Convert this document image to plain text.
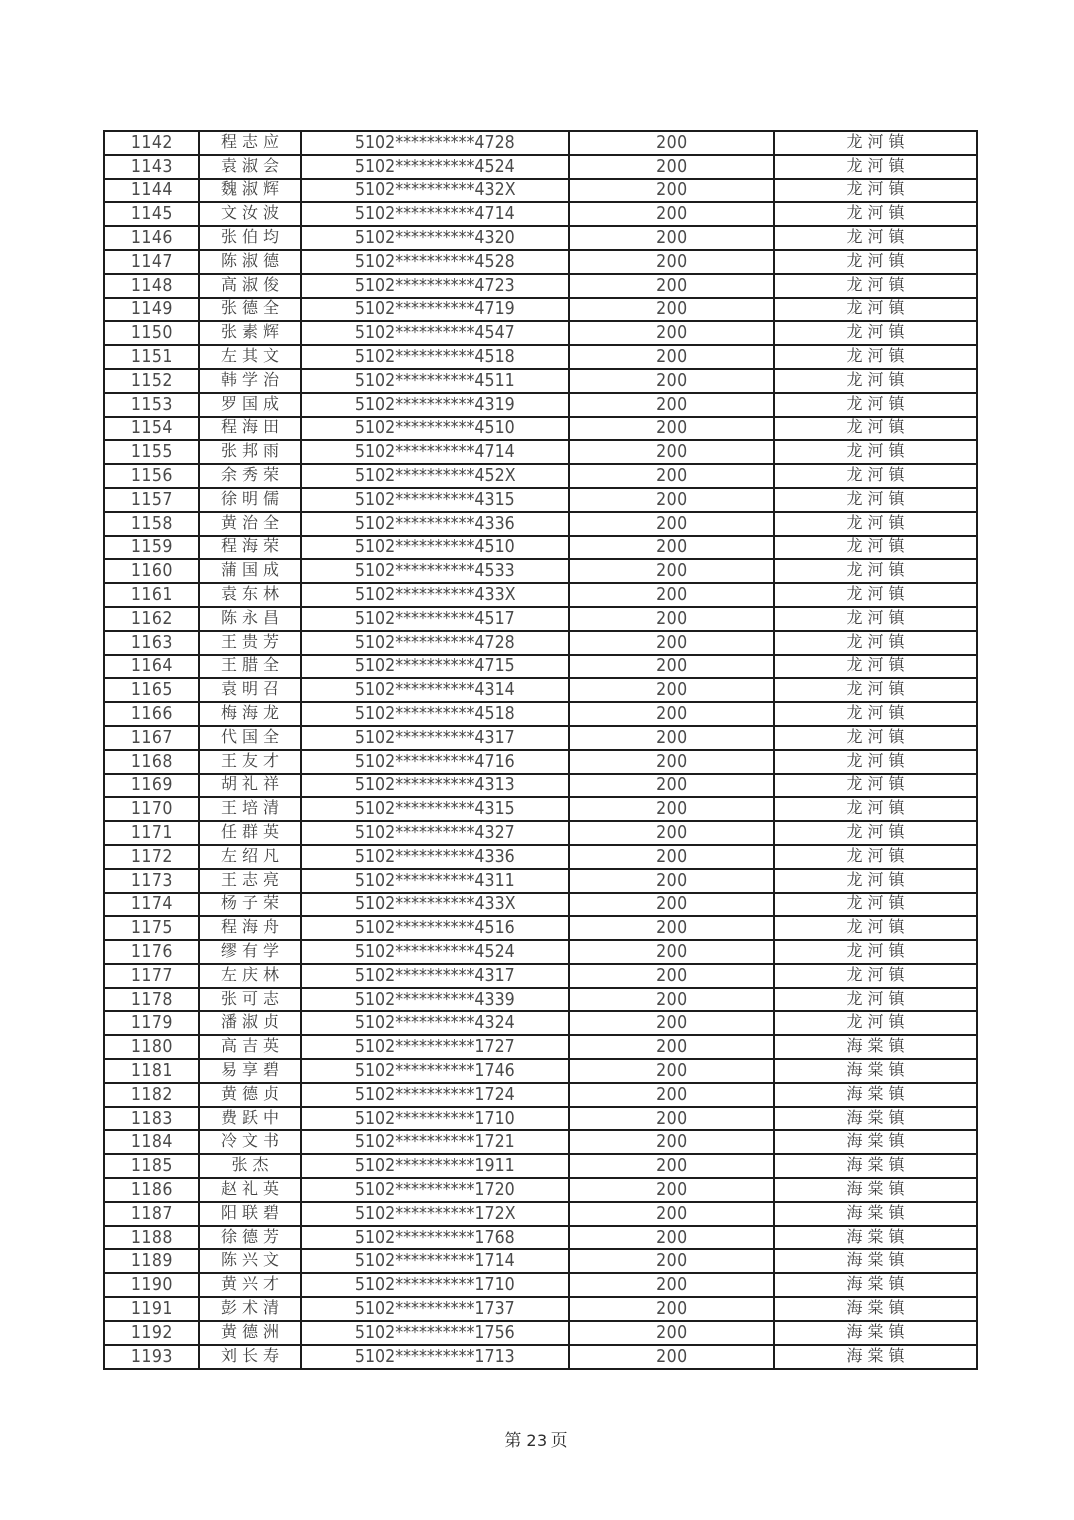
1142	程志应	5102**********4728	200	龙河镇
1143	袁淑会	5102**********4524	200	龙河镇
1144	魏淑辉	5102**********432X	200	龙河镇
1145	文汝波	5102**********4714	200	龙河镇
1146	张伯均	5102**********4320	200	龙河镇
1147	陈淑德	5102**********4528	200	龙河镇
1148	高淑俊	5102**********4723	200	龙河镇
1149	张德全	5102**********4719	200	龙河镇
1150	张素辉	5102**********4547	200	龙河镇
1151	左其文	5102**********4518	200	龙河镇
1152	韩学治	5102**********4511	200	龙河镇
1153	罗国成	5102**********4319	200	龙河镇
1154	程海田	5102**********4510	200	龙河镇
1155	张邦雨	5102**********4714	200	龙河镇
1156	余秀荣	5102**********452X	200	龙河镇
1157	徐明儒	5102**********4315	200	龙河镇
1158	黄治全	5102**********4336	200	龙河镇
1159	程海荣	5102**********4510	200	龙河镇
1160	蒲国成	5102**********4533	200	龙河镇
1161	袁东林	5102**********433X	200	龙河镇
1162	陈永昌	5102**********4517	200	龙河镇
1163	王贵芳	5102**********4728	200	龙河镇
1164	王腊全	5102**********4715	200	龙河镇
1165	袁明召	5102**********4314	200	龙河镇
1166	梅海龙	5102**********4518	200	龙河镇
1167	代国全	5102**********4317	200	龙河镇
1168	王友才	5102**********4716	200	龙河镇
1169	胡礼祥	5102**********4313	200	龙河镇
1170	王培清	5102**********4315	200	龙河镇
1171	任群英	5102**********4327	200	龙河镇
1172	左绍凡	5102**********4336	200	龙河镇
1173	王志亮	5102**********4311	200	龙河镇
1174	杨子荣	5102**********433X	200	龙河镇
1175	程海舟	5102**********4516	200	龙河镇
1176	缪有学	5102**********4524	200	龙河镇
1177	左庆林	5102**********4317	200	龙河镇
1178	张可志	5102**********4339	200	龙河镇
1179	潘淑贞	5102**********4324	200	龙河镇
1180	高吉英	5102**********1727	200	海棠镇
1181	易享碧	5102**********1746	200	海棠镇
1182	黄德贞	5102**********1724	200	海棠镇
1183	费跃中	5102**********1710	200	海棠镇
1184	冷文书	5102**********1721	200	海棠镇
1185	张杰	5102**********1911	200	海棠镇
1186	赵礼英	5102**********1720	200	海棠镇
1187	阳联碧	5102**********172X	200	海棠镇
1188	徐德芳	5102**********1768	200	海棠镇
1189	陈兴文	5102**********1714	200	海棠镇
1190	黄兴才	5102**********1710	200	海棠镇
1191	彭术清	5102**********1737	200	海棠镇
1192	黄德洲	5102**********1756	200	海棠镇
1193	刘长寿	5102**********1713	200	海棠镇
第 23 页
